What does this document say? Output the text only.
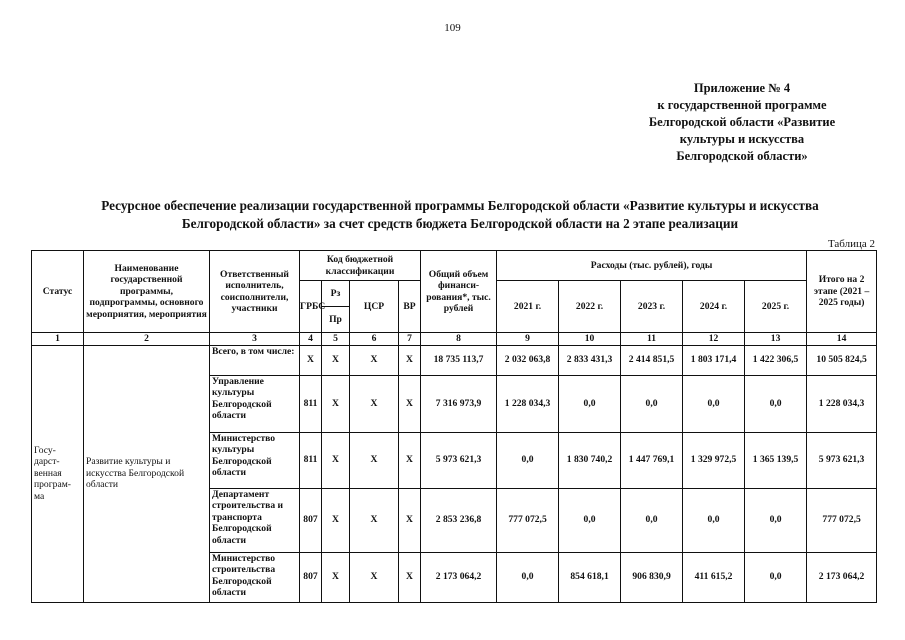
109
Приложение № 4
к государственной программе
Белгородской области «Развитие
культуры и искусства
Белгородской области»
Ресурсное обеспечение реализации государственной программы Белгородской области «Развитие культуры и искусства
Белгородской области» за счет средств бюджета Белгородской области на 2 этапе реализации
Таблица 2
Статус	Наименование государственной программы, подпрограммы, основного мероприятия, мероприятия	Ответственный исполнитель, соисполнители, участники	Код бюджетной классификации				Общий объем финанси-рования*, тыс. рублей	Расходы (тыс. рублей), годы					Итого на 2 этапе (2021 – 2025 годы)
			ГРБС	Рз	ЦСР	ВР		2021 г.	2022 г.	2023 г.	2024 г.	2025 г.	
				Пр									
1	2	3	4	5	6	7	8	9	10	11	12	13	14
Госу-дарст-венная програм-ма	Развитие культуры и искусства Белгородской области	Всего, в том числе:	Х	Х	Х	Х	18 735 113,7	2 032 063,8	2 833 431,3	2 414 851,5	1 803 171,4	1 422 306,5	10 505 824,5
		Управление культуры Белгородской области	811	Х	Х	Х	7 316 973,9	1 228 034,3	0,0	0,0	0,0	0,0	1 228 034,3
		Министерство культуры Белгородской области	811	Х	Х	Х	5 973 621,3	0,0	1 830 740,2	1 447 769,1	1 329 972,5	1 365 139,5	5 973 621,3
		Департамент строительства и транспорта Белгородской области	807	Х	Х	Х	2 853 236,8	777 072,5	0,0	0,0	0,0	0,0	777 072,5
		Министерство строительства Белгородской области	807	Х	Х	Х	2 173 064,2	0,0	854 618,1	906 830,9	411 615,2	0,0	2 173 064,2
